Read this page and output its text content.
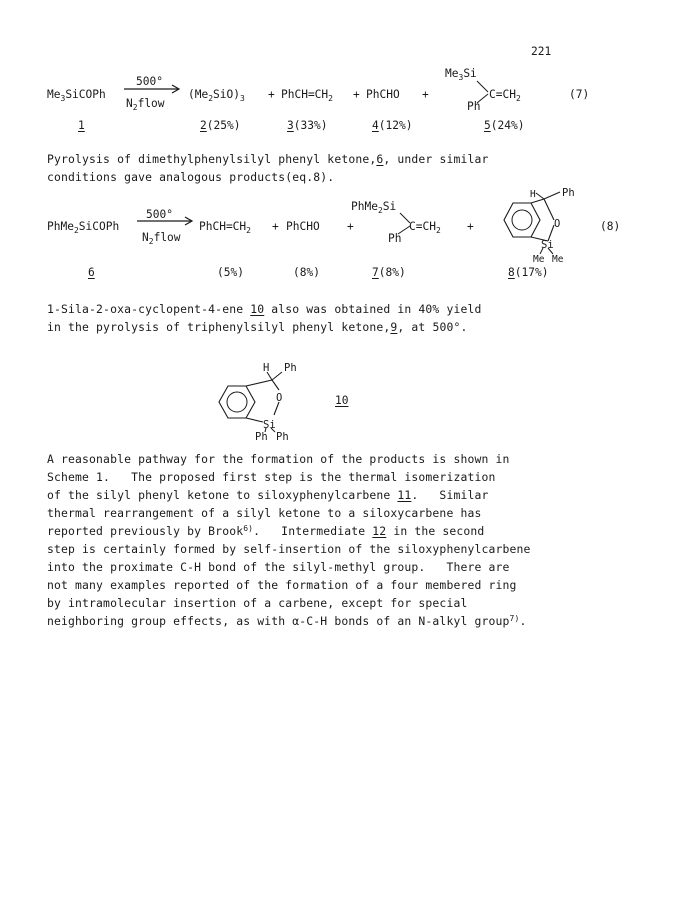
221
$Me_3SiCOPh$
500°
$N_2flow$
$(Me_2SiO)_3$ + $PhCH=CH_2$ + PhCHO +
$Me_3Si$
$C=CH_2$
Ph
(7)
1	2(25%)	3(33%)	4(12%)	5(24%)
Pyrolysis of dimethylphenylsilyl phenyl ketone,6, under similar
conditions gave analogous products(eq.8).
PhMe$_2$SiCOPh
500°
$N_2flow$
$PhCH=CH_2$ + PhCHO +
PhMe$_2$Si
$C=CH_2$
Ph
+
H	Ph
O
Si
Me Me
(8)
6	(5%)	(8%)	7(8%)	8(17%)
1-Sila-2-oxa-cyclopent-4-ene 10 also was obtained in 40% yield
in the pyrolysis of triphenylsilyl phenyl ketone,9, at 500°.
H Ph
O
Si
Ph Ph
10
A reasonable pathway for the formation of the products is shown in
Scheme 1.   The proposed first step is the thermal isomerization
of the silyl phenyl ketone to siloxyphenylcarbene 11.   Similar
thermal rearrangement of a silyl ketone to a siloxycarbene has
reported previously by Brook$^{6)}$.   Intermediate 12 in the second
step is certainly formed by self-insertion of the siloxyphenylcarbene
into the proximate C-H bond of the silyl-methyl group.   There are
not many examples reported of the formation of a four membered ring
by intramolecular insertion of a carbene, except for special
neighboring group effects, as with α-C-H bonds of an N-alkyl group$^{7)}$.
